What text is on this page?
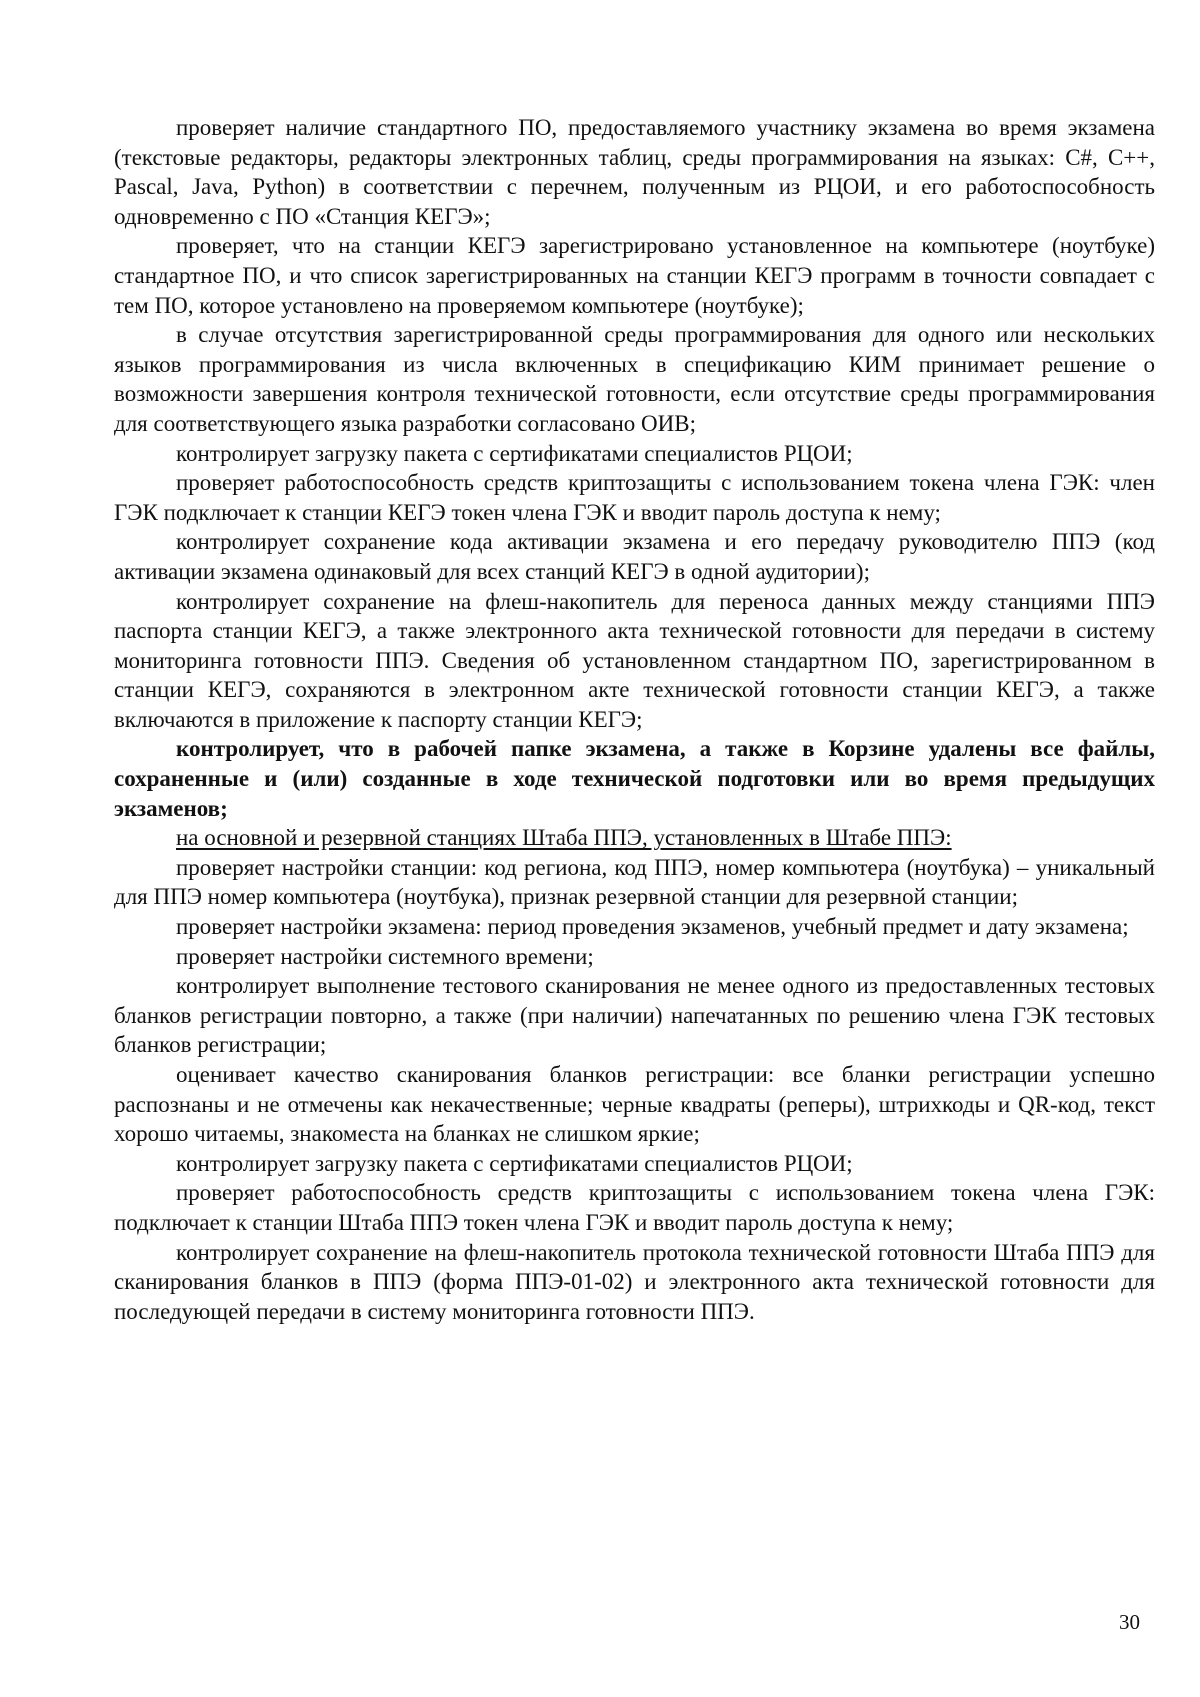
проверяет наличие стандартного ПО, предоставляемого участнику экзамена во время экзамена (текстовые редакторы, редакторы электронных таблиц, среды программирования на языках: C#, C++, Pascal, Java, Python) в соответствии с перечнем, полученным из РЦОИ, и его работоспособность одновременно с ПО «Станция КЕГЭ»;

проверяет, что на станции КЕГЭ зарегистрировано установленное на компьютере (ноутбуке) стандартное ПО, и что список зарегистрированных на станции КЕГЭ программ в точности совпадает с тем ПО, которое установлено на проверяемом компьютере (ноутбуке);

в случае отсутствия зарегистрированной среды программирования для одного или нескольких языков программирования из числа включенных в спецификацию КИМ принимает решение о возможности завершения контроля технической готовности, если отсутствие среды программирования для соответствующего языка разработки согласовано ОИВ;

контролирует загрузку пакета с сертификатами специалистов РЦОИ;

проверяет работоспособность средств криптозащиты с использованием токена члена ГЭК: член ГЭК подключает к станции КЕГЭ токен члена ГЭК и вводит пароль доступа к нему;

контролирует сохранение кода активации экзамена и его передачу руководителю ППЭ (код активации экзамена одинаковый для всех станций КЕГЭ в одной аудитории);

контролирует сохранение на флеш-накопитель для переноса данных между станциями ППЭ паспорта станции КЕГЭ, а также электронного акта технической готовности для передачи в систему мониторинга готовности ППЭ. Сведения об установленном стандартном ПО, зарегистрированном в станции КЕГЭ, сохраняются в электронном акте технической готовности станции КЕГЭ, а также включаются в приложение к паспорту станции КЕГЭ;

контролирует, что в рабочей папке экзамена, а также в Корзине удалены все файлы, сохраненные и (или) созданные в ходе технической подготовки или во время предыдущих экзаменов;

на основной и резервной станциях Штаба ППЭ, установленных в Штабе ППЭ:

проверяет настройки станции: код региона, код ППЭ, номер компьютера (ноутбука) – уникальный для ППЭ номер компьютера (ноутбука), признак резервной станции для резервной станции;

проверяет настройки экзамена: период проведения экзаменов, учебный предмет и дату экзамена;

проверяет настройки системного времени;

контролирует выполнение тестового сканирования не менее одного из предоставленных тестовых бланков регистрации повторно, а также (при наличии) напечатанных по решению члена ГЭК тестовых бланков регистрации;

оценивает качество сканирования бланков регистрации: все бланки регистрации успешно распознаны и не отмечены как некачественные; черные квадраты (реперы), штрихкоды и QR-код, текст хорошо читаемы, знакоместа на бланках не слишком яркие;

контролирует загрузку пакета с сертификатами специалистов РЦОИ;

проверяет работоспособность средств криптозащиты с использованием токена члена ГЭК: подключает к станции Штаба ППЭ токен члена ГЭК и вводит пароль доступа к нему;

контролирует сохранение на флеш-накопитель протокола технической готовности Штаба ППЭ для сканирования бланков в ППЭ (форма ППЭ-01-02) и электронного акта технической готовности для последующей передачи в систему мониторинга готовности ППЭ.

30
